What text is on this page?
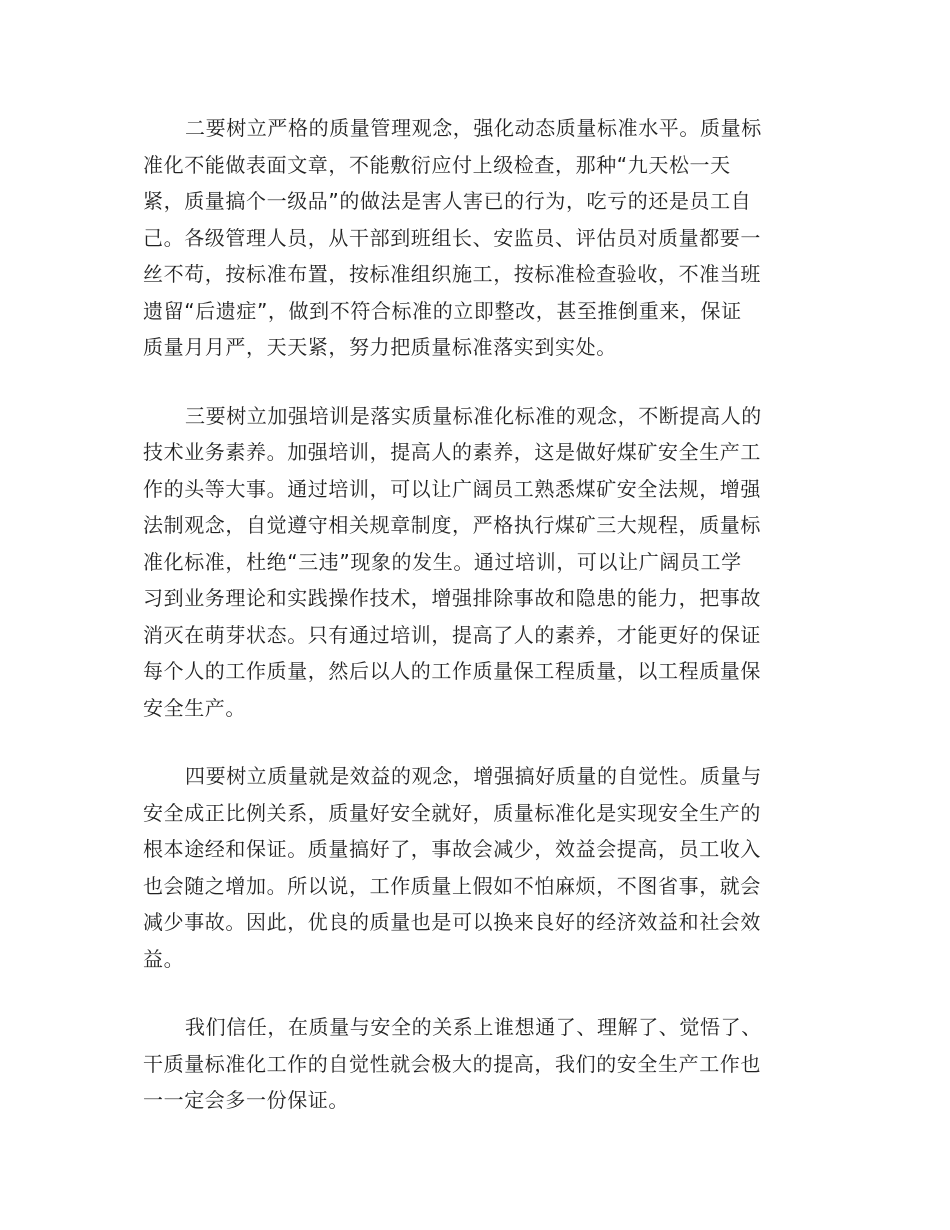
二要树立严格的质量管理观念，强化动态质量标准水平。质量标
准化不能做表面文章，不能敷衍应付上级检查，那种“九天松一天
紧，质量搞个一级品”的做法是害人害已的行为，吃亏的还是员工自
己。各级管理人员，从干部到班组长、安监员、评估员对质量都要一
丝不苟，按标准布置，按标准组织施工，按标准检查验收，不准当班
遗留“后遗症”，做到不符合标准的立即整改，甚至推倒重来，保证
质量月月严，天天紧，努力把质量标准落实到实处。

三要树立加强培训是落实质量标准化标准的观念，不断提高人的
技术业务素养。加强培训，提高人的素养，这是做好煤矿安全生产工
作的头等大事。通过培训，可以让广阔员工熟悉煤矿安全法规，增强
法制观念，自觉遵守相关规章制度，严格执行煤矿三大规程，质量标
准化标准，杜绝“三违”现象的发生。通过培训，可以让广阔员工学
习到业务理论和实践操作技术，增强排除事故和隐患的能力，把事故
消灭在萌芽状态。只有通过培训，提高了人的素养，才能更好的保证
每个人的工作质量，然后以人的工作质量保工程质量，以工程质量保
安全生产。

四要树立质量就是效益的观念，增强搞好质量的自觉性。质量与
安全成正比例关系，质量好安全就好，质量标准化是实现安全生产的
根本途经和保证。质量搞好了，事故会减少，效益会提高，员工收入
也会随之增加。所以说，工作质量上假如不怕麻烦，不图省事，就会
减少事故。因此，优良的质量也是可以换来良好的经济效益和社会效
益。

我们信任，在质量与安全的关系上谁想通了、理解了、觉悟了、
干质量标准化工作的自觉性就会极大的提高，我们的安全生产工作也
一一定会多一份保证。
